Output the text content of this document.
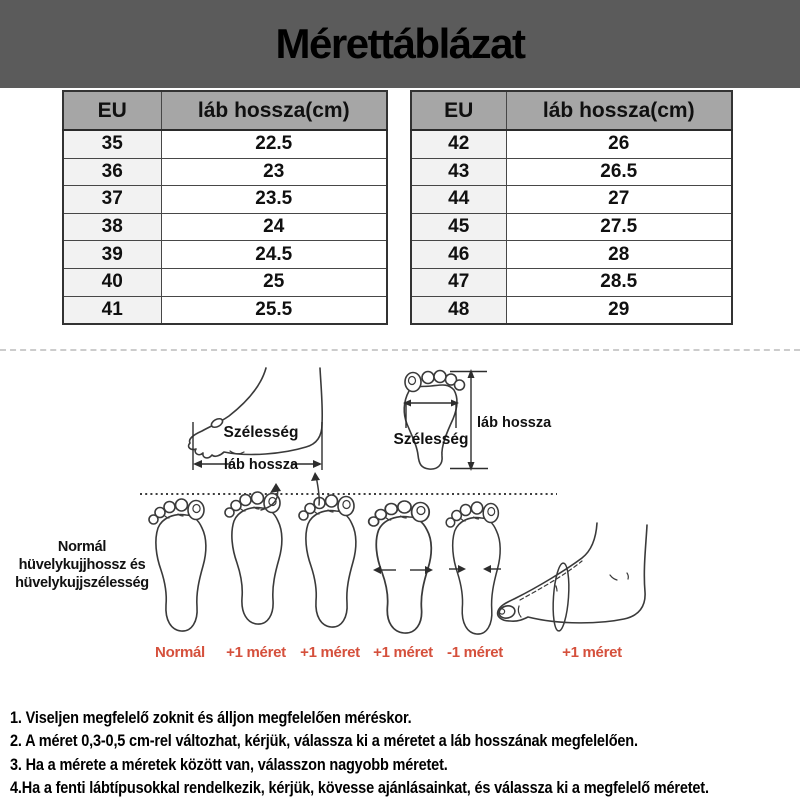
Mérettáblázat
EU	láb hossza(cm)
35	22.5
36	23
37	23.5
38	24
39	24.5
40	25
41	25.5
EU	láb hossza(cm)
42	26
43	26.5
44	27
45	27.5
46	28
47	28.5
48	29
Szélesség
láb hossza
Szélesség
láb hossza
Normál
hüvelykujjhossz és
hüvelykujjszélesség
Normál +1 méret +1 méret +1 méret -1 méret	+1 méret

1. Viseljen megfelelő zoknit és álljon megfelelően méréskor.

2. A méret 0,3-0,5 cm-rel változhat, kérjük, válassza ki a méretet a láb hosszának megfelelően.

3. Ha a mérete a méretek között van, válasszon nagyobb méretet.

4.Ha a fenti lábtípusokkal rendelkezik, kérjük, kövesse ajánlásainkat, és válassza ki a megfelelő méretet.
